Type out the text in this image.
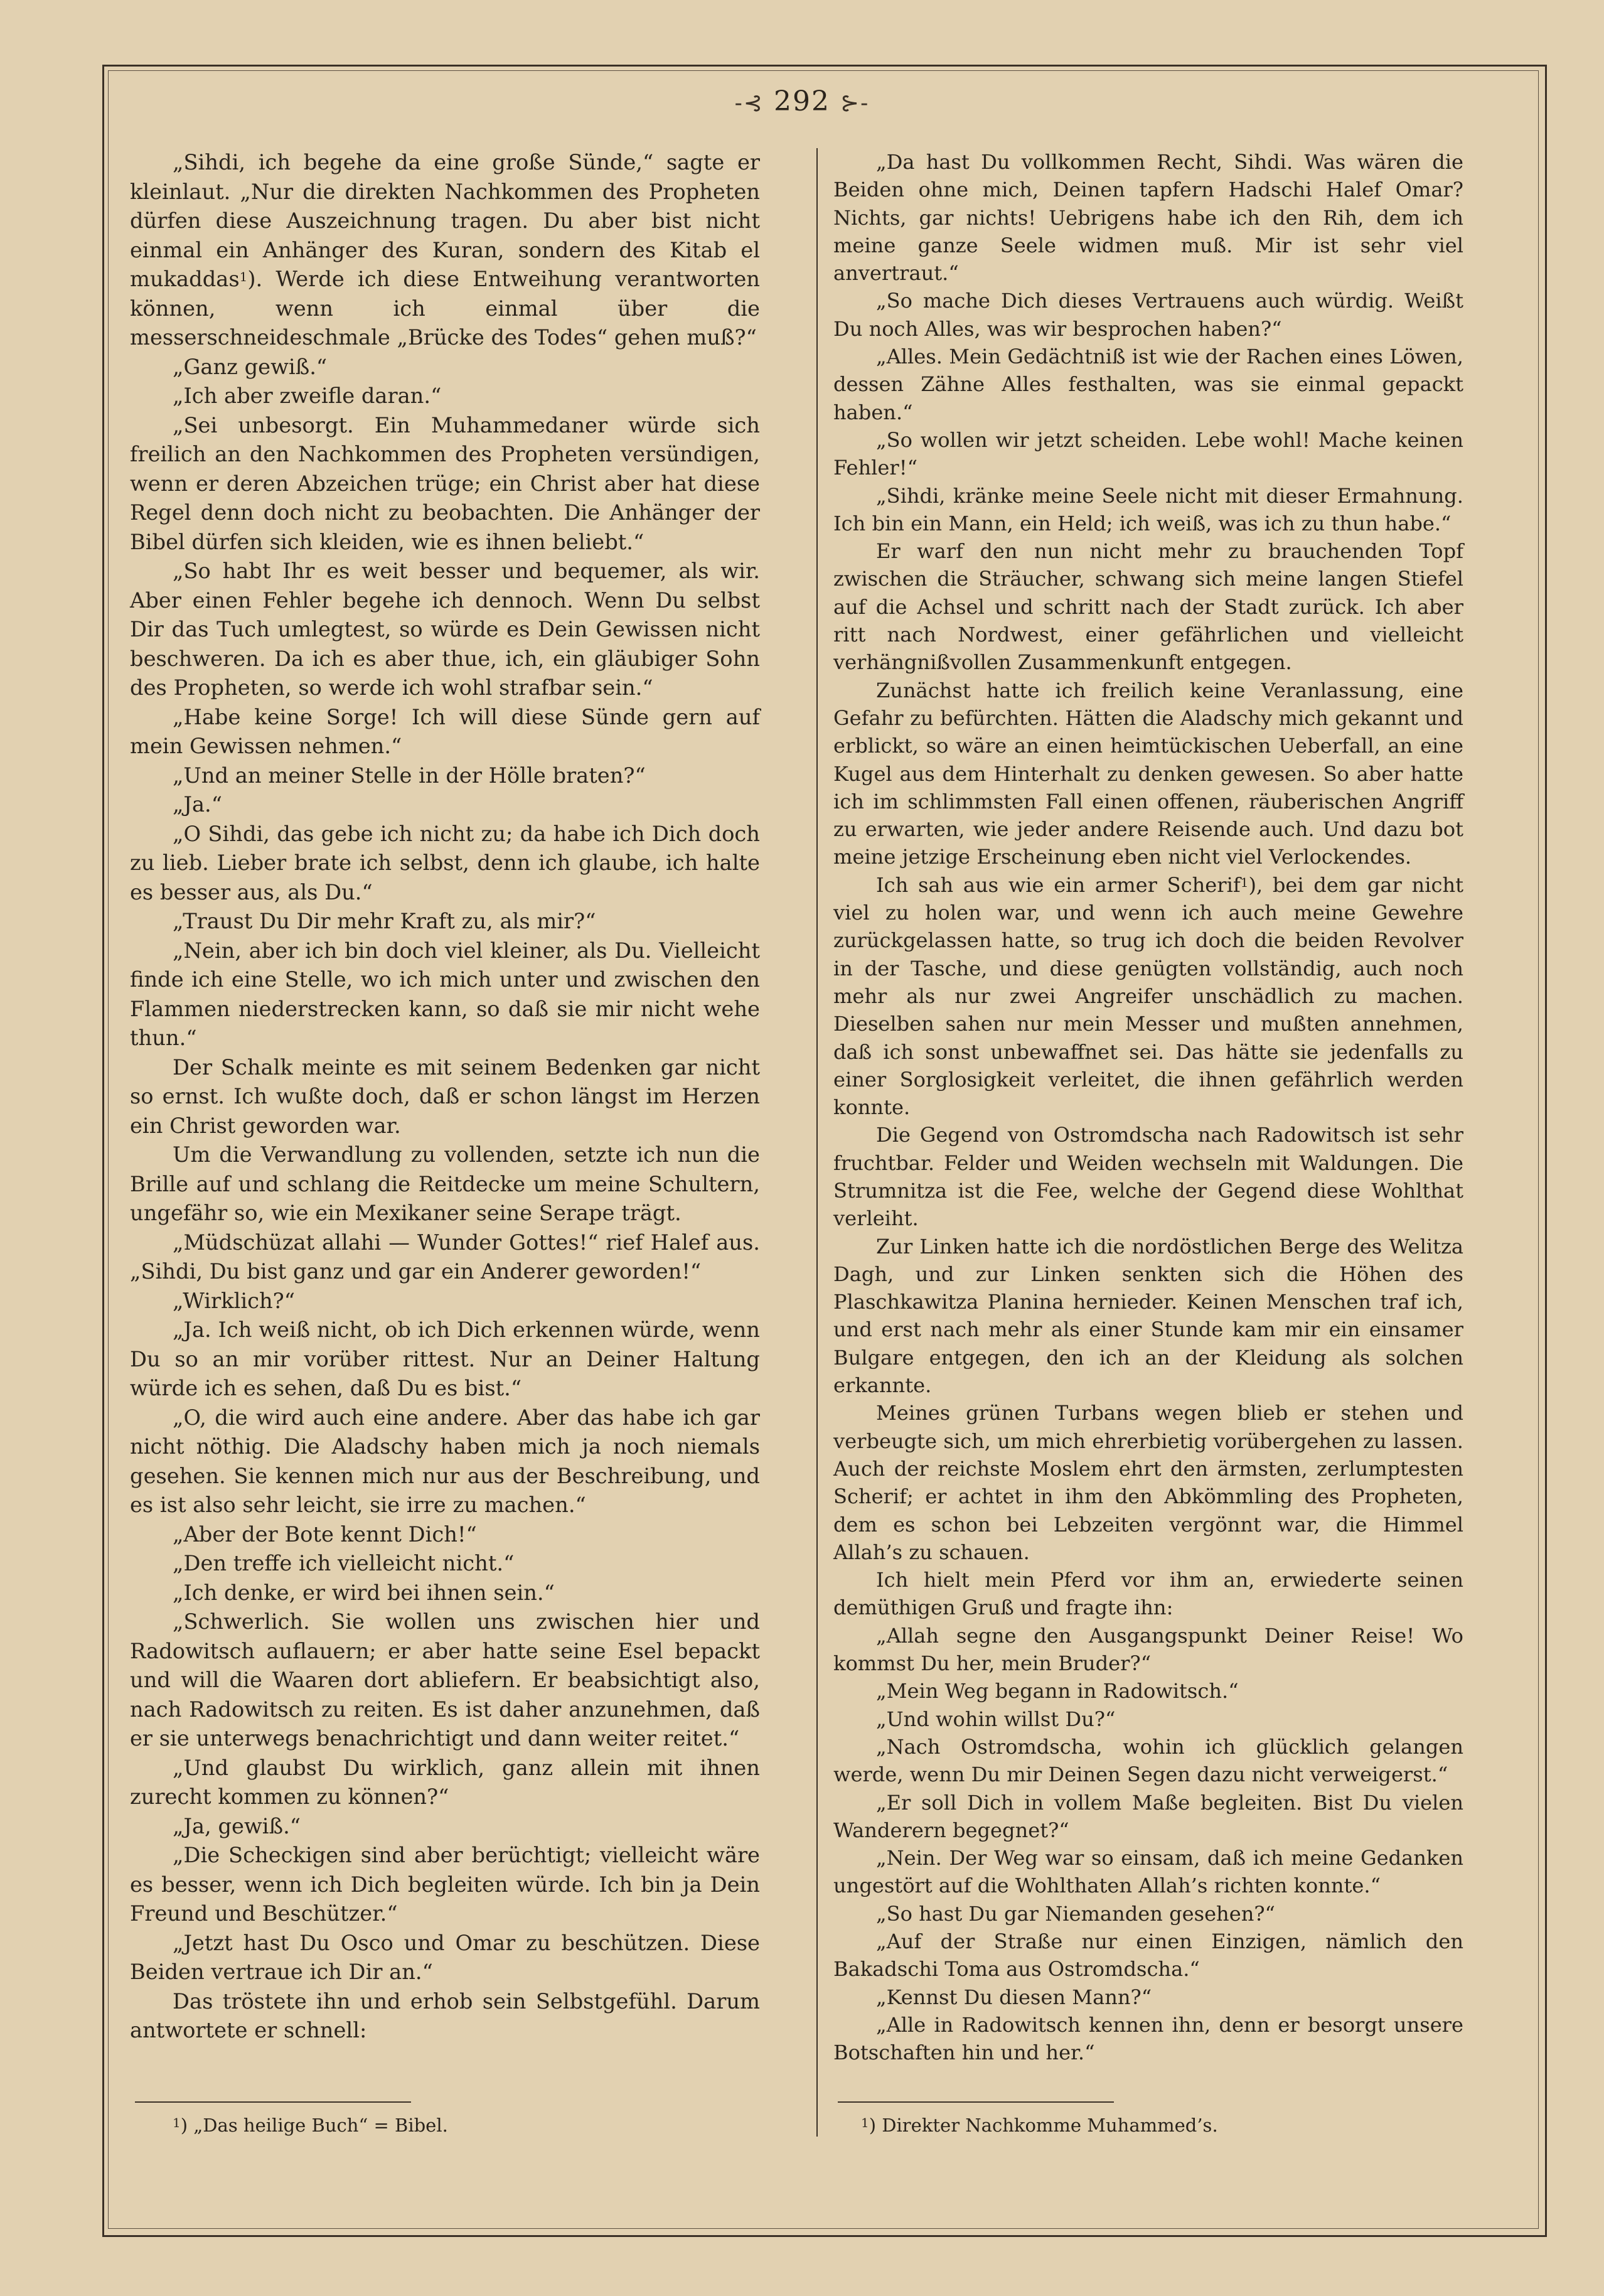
-⊰ 292 ⊱-

„Sihdi, ich begehe da eine große Sünde,“ sagte er kleinlaut. „Nur die direkten Nachkommen des Propheten dürfen diese Auszeichnung tragen. Du aber bist nicht einmal ein Anhänger des Kuran, sondern des Kitab el mukaddas$^1$). Werde ich diese Entweihung verantworten können, wenn ich einmal über die messerschneideschmale „Brücke des Todes“ gehen muß?“

„Ganz gewiß.“

„Ich aber zweifle daran.“

„Sei unbesorgt. Ein Muhammedaner würde sich freilich an den Nachkommen des Propheten versündigen, wenn er deren Abzeichen trüge; ein Christ aber hat diese Regel denn doch nicht zu beobachten. Die Anhänger der Bibel dürfen sich kleiden, wie es ihnen beliebt.“

„So habt Ihr es weit besser und bequemer, als wir. Aber einen Fehler begehe ich dennoch. Wenn Du selbst Dir das Tuch umlegtest, so würde es Dein Gewissen nicht beschweren. Da ich es aber thue, ich, ein gläubiger Sohn des Propheten, so werde ich wohl strafbar sein.“

„Habe keine Sorge! Ich will diese Sünde gern auf mein Gewissen nehmen.“

„Und an meiner Stelle in der Hölle braten?“

„Ja.“

„O Sihdi, das gebe ich nicht zu; da habe ich Dich doch zu lieb. Lieber brate ich selbst, denn ich glaube, ich halte es besser aus, als Du.“

„Traust Du Dir mehr Kraft zu, als mir?“

„Nein, aber ich bin doch viel kleiner, als Du. Vielleicht finde ich eine Stelle, wo ich mich unter und zwischen den Flammen niederstrecken kann, so daß sie mir nicht wehe thun.“

Der Schalk meinte es mit seinem Bedenken gar nicht so ernst. Ich wußte doch, daß er schon längst im Herzen ein Christ geworden war.

Um die Verwandlung zu vollenden, setzte ich nun die Brille auf und schlang die Reitdecke um meine Schultern, ungefähr so, wie ein Mexikaner seine Serape trägt.

„Müdschüzat allahi — Wunder Gottes!“ rief Halef aus. „Sihdi, Du bist ganz und gar ein Anderer geworden!“

„Wirklich?“

„Ja. Ich weiß nicht, ob ich Dich erkennen würde, wenn Du so an mir vorüber rittest. Nur an Deiner Haltung würde ich es sehen, daß Du es bist.“

„O, die wird auch eine andere. Aber das habe ich gar nicht nöthig. Die Aladschy haben mich ja noch niemals gesehen. Sie kennen mich nur aus der Beschreibung, und es ist also sehr leicht, sie irre zu machen.“

„Aber der Bote kennt Dich!“

„Den treffe ich vielleicht nicht.“

„Ich denke, er wird bei ihnen sein.“

„Schwerlich. Sie wollen uns zwischen hier und Radowitsch auflauern; er aber hatte seine Esel bepackt und will die Waaren dort abliefern. Er beabsichtigt also, nach Radowitsch zu reiten. Es ist daher anzunehmen, daß er sie unterwegs benachrichtigt und dann weiter reitet.“

„Und glaubst Du wirklich, ganz allein mit ihnen zurecht kommen zu können?“

„Ja, gewiß.“

„Die Scheckigen sind aber berüchtigt; vielleicht wäre es besser, wenn ich Dich begleiten würde. Ich bin ja Dein Freund und Beschützer.“

„Jetzt hast Du Osco und Omar zu beschützen. Diese Beiden vertraue ich Dir an.“

Das tröstete ihn und erhob sein Selbstgefühl. Darum antwortete er schnell:

„Da hast Du vollkommen Recht, Sihdi. Was wären die Beiden ohne mich, Deinen tapfern Hadschi Halef Omar? Nichts, gar nichts! Uebrigens habe ich den Rih, dem ich meine ganze Seele widmen muß. Mir ist sehr viel anvertraut.“

„So mache Dich dieses Vertrauens auch würdig. Weißt Du noch Alles, was wir besprochen haben?“

„Alles. Mein Gedächtniß ist wie der Rachen eines Löwen, dessen Zähne Alles festhalten, was sie einmal gepackt haben.“

„So wollen wir jetzt scheiden. Lebe wohl! Mache keinen Fehler!“

„Sihdi, kränke meine Seele nicht mit dieser Ermahnung. Ich bin ein Mann, ein Held; ich weiß, was ich zu thun habe.“

Er warf den nun nicht mehr zu brauchenden Topf zwischen die Sträucher, schwang sich meine langen Stiefel auf die Achsel und schritt nach der Stadt zurück. Ich aber ritt nach Nordwest, einer gefährlichen und vielleicht verhängnißvollen Zusammenkunft entgegen.

Zunächst hatte ich freilich keine Veranlassung, eine Gefahr zu befürchten. Hätten die Aladschy mich gekannt und erblickt, so wäre an einen heimtückischen Ueberfall, an eine Kugel aus dem Hinterhalt zu denken gewesen. So aber hatte ich im schlimmsten Fall einen offenen, räuberischen Angriff zu erwarten, wie jeder andere Reisende auch. Und dazu bot meine jetzige Erscheinung eben nicht viel Verlockendes.

Ich sah aus wie ein armer Scherif$^1$), bei dem gar nicht viel zu holen war, und wenn ich auch meine Gewehre zurückgelassen hatte, so trug ich doch die beiden Revolver in der Tasche, und diese genügten vollständig, auch noch mehr als nur zwei Angreifer unschädlich zu machen. Dieselben sahen nur mein Messer und mußten annehmen, daß ich sonst unbewaffnet sei. Das hätte sie jedenfalls zu einer Sorglosigkeit verleitet, die ihnen gefährlich werden konnte.

Die Gegend von Ostromdscha nach Radowitsch ist sehr fruchtbar. Felder und Weiden wechseln mit Waldungen. Die Strumnitza ist die Fee, welche der Gegend diese Wohlthat verleiht.

Zur Linken hatte ich die nordöstlichen Berge des Welitza Dagh, und zur Linken senkten sich die Höhen des Plaschkawitza Planina hernieder. Keinen Menschen traf ich, und erst nach mehr als einer Stunde kam mir ein einsamer Bulgare entgegen, den ich an der Kleidung als solchen erkannte.

Meines grünen Turbans wegen blieb er stehen und verbeugte sich, um mich ehrerbietig vorübergehen zu lassen. Auch der reichste Moslem ehrt den ärmsten, zerlumptesten Scherif; er achtet in ihm den Abkömmling des Propheten, dem es schon bei Lebzeiten vergönnt war, die Himmel Allah’s zu schauen.

Ich hielt mein Pferd vor ihm an, erwiederte seinen demüthigen Gruß und fragte ihn:

„Allah segne den Ausgangspunkt Deiner Reise! Wo kommst Du her, mein Bruder?“

„Mein Weg begann in Radowitsch.“

„Und wohin willst Du?“

„Nach Ostromdscha, wohin ich glücklich gelangen werde, wenn Du mir Deinen Segen dazu nicht verweigerst.“

„Er soll Dich in vollem Maße begleiten. Bist Du vielen Wanderern begegnet?“

„Nein. Der Weg war so einsam, daß ich meine Gedanken ungestört auf die Wohlthaten Allah’s richten konnte.“

„So hast Du gar Niemanden gesehen?“

„Auf der Straße nur einen Einzigen, nämlich den Bakadschi Toma aus Ostromdscha.“

„Kennst Du diesen Mann?“

„Alle in Radowitsch kennen ihn, denn er besorgt unsere Botschaften hin und her.“

$^1$) „Das heilige Buch“ = Bibel.	$^1$) Direkter Nachkomme Muhammed’s.
